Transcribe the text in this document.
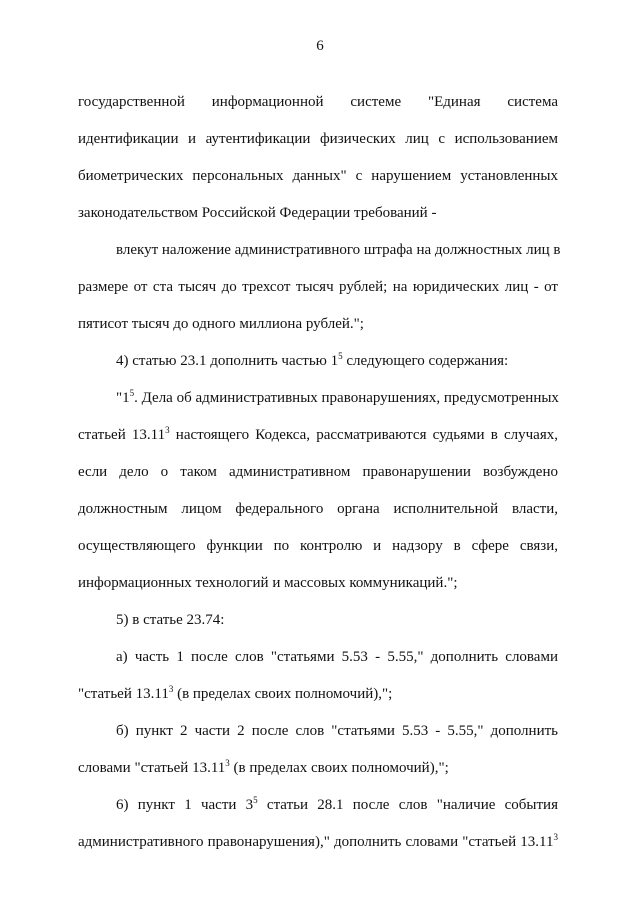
6
государственной информационной системе "Единая система
идентификации и аутентификации физических лиц с использованием
биометрических персональных данных" с нарушением установленных
законодательством Российской Федерации требований -
влекут наложение административного штрафа на должностных лиц в
размере от ста тысяч до трехсот тысяч рублей; на юридических лиц - от
пятисот тысяч до одного миллиона рублей.";
4) статью 23.1 дополнить частью $1^5$ следующего содержания:
"$1^5$. Дела об административных правонарушениях, предусмотренных
статьей 13.11$^3$ настоящего Кодекса, рассматриваются судьями в случаях,
если дело о таком административном правонарушении возбуждено
должностным лицом федерального органа исполнительной власти,
осуществляющего функции по контролю и надзору в сфере связи,
информационных технологий и массовых коммуникаций.";
5) в статье 23.74:
а) часть 1 после слов "статьями 5.53 - 5.55," дополнить словами
"статьей 13.11$^3$ (в пределах своих полномочий),";
б) пункт 2 части 2 после слов "статьями 5.53 - 5.55," дополнить
словами "статьей 13.11$^3$ (в пределах своих полномочий),";
6) пункт 1 части $3^5$ статьи 28.1 после слов "наличие события
административного правонарушения)," дополнить словами "статьей 13.11$^3$
